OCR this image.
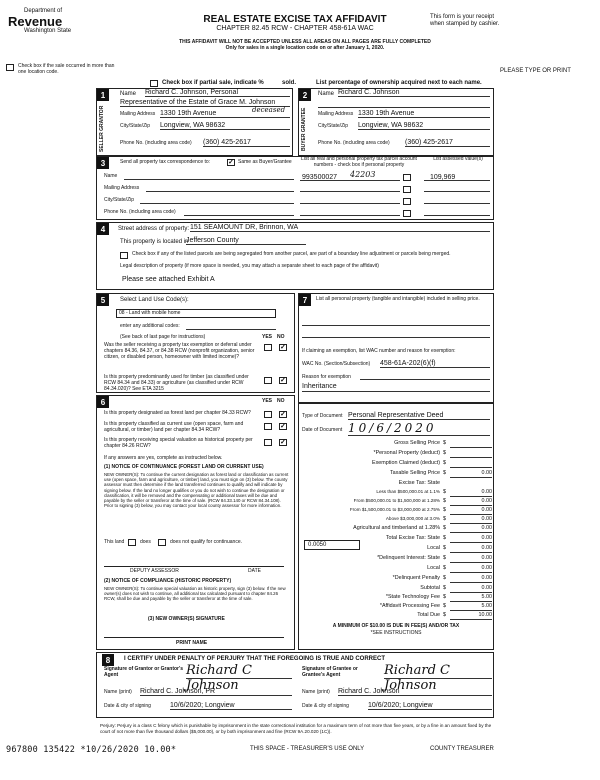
Department of
Revenue
Washington State
REAL ESTATE EXCISE TAX AFFIDAVIT
CHAPTER 82.45 RCW - CHAPTER 458-61A WAC
This form is your receipt
when stamped by cashier.
THIS AFFIDAVIT WILL NOT BE ACCEPTED UNLESS ALL AREAS ON ALL PAGES ARE FULLY COMPLETED
Only for sales in a single location code on or after January 1, 2020.
PLEASE TYPE OR PRINT
Check box if the sale occurred in more than one location code.
Check box if partial sale, indicate %	sold.	List percentage of ownership acquired next to each name.
1	2
SELLER GRANTOR	BUYER GRANTEE
Name Richard C. Johnson, Personal
Representative of the Estate of Grace M. Johnson
Mailing Address 1330 19th Avenue	deceased
City/State/Zip Longview, WA 98632
Phone No. (including area code) (360) 425-2617
Name Richard C. Johnson
Mailing Address 1330 19th Avenue
City/State/Zip Longview, WA 98632
Phone No. (including area code) (360) 425-2617
3	Send all property tax correspondence to:	✓ Same as Buyer/Grantee
Name
Mailing Address
City/State/Zip
Phone No. (including area code)
List all real and personal property tax parcel account numbers - check box if personal property
List assessed value(s)
993500027 42203	109,969
4	Street address of property: 151 SEAMOUNT DR, Brinnon, WA
This property is located in
Jefferson County
Check box if any of the listed parcels are being segregated from another parcel, are part of a boundary line adjustment or parcels being merged.
Legal description of property (if more space is needed, you may attach a separate sheet to each page of the affidavit)
Please see attached Exhibit A
5	Select Land Use Code(s):
08 - Land with mobile home
enter any additional codes:
(See back of last page for instructions)	YES NO
Was the seller receiving a property tax exemption or deferral under chapters 84.36, 84.37, or 84.38 RCW (nonprofit organization, senior citizen, or disabled person, homeowner with limited income)?
✓
Is this property predominantly used for timber (as classified under RCW 84.34 and 84.33) or agriculture (as classified under RCW 84.34.020)? See ETA 3215
✓
6	YES NO
Is this property designated as forest land per chapter 84.33 RCW?	✓
Is this property classified as current use (open space, farm and agricultural, or timber) land per chapter 84.34 RCW?	✓
Is this property receiving special valuation as historical property per chapter 84.26 RCW?	✓
If any answers are yes, complete as instructed below.
(1) NOTICE OF CONTINUANCE (FOREST LAND OR CURRENT USE)
NEW OWNER(S): To continue the current designation as forest land or classification as current use (open space, farm and agriculture, or timber) land, you must sign on (3) below. The county assessor must then determine if the land transferred continues to qualify and will indicate by signing below. If the land no longer qualifies or you do not wish to continue the designation or classification, it will be removed and the compensating or additional taxes will be due and payable by the seller or transferor at the time of sale. (RCW 84.33.140 or RCW 84.34.108). Prior to signing (3) below, you may contact your local county assessor for more information.
This land	does	does not qualify for continuance.
DEPUTY ASSESSOR	DATE
(2) NOTICE OF COMPLIANCE (HISTORIC PROPERTY)
NEW OWNER(S): To continue special valuation as historic property, sign (3) below. If the new owner(s) does not wish to continue, all additional tax calculated pursuant to chapter 84.26 RCW, shall be due and payable by the seller or transferor at the time of sale.
(3) NEW OWNER(S) SIGNATURE
PRINT NAME
7	List all personal property (tangible and intangible) included in selling price.
If claiming an exemption, list WAC number and reason for exemption:
WAC No. (Section/Subsection) 458-61A-202(6)(f)
Reason for exemption
Inheritance
Type of Document Personal Representative Deed
Date of Document 10/6/2020
Gross Selling Price $
*Personal Property (deduct) $
Exemption Claimed (deduct) $
Taxable Selling Price $	0.00
Excise Tax: State
Less than $500,000.01 at 1.1% $	0.00
From $500,000.01 to $1,500,000 at 1.28% $	0.00
From $1,500,000.01 to $3,000,000 at 2.75% $	0.00
Above $3,000,000 at 3.0% $	0.00
Agricultural and timberland at 1.28% $	0.00
Total Excise Tax: State $	0.00
Local $	0.00
*Delinquent Interest: State $	0.00
Local $	0.00
*Delinquent Penalty $	0.00
Subtotal $	0.00
*State Technology Fee $	5.00
*Affidavit Processing Fee $	5.00
Total Due $	10.00
0.0050
A MINIMUM OF $10.00 IS DUE IN FEE(S) AND/OR TAX
*SEE INSTRUCTIONS
8	I CERTIFY UNDER PENALTY OF PERJURY THAT THE FOREGOING IS TRUE AND CORRECT
Signature of Grantor or Grantor's Agent	Richard C Johnson
Signature of Grantee or Grantee's Agent	Richard C Johnson
Name (print) Richard C. Johnson, PR	Name (print) Richard C. Johnson
Date & city of signing	10/6/2020; Longview	Date & city of signing	10/6/2020; Longview
Perjury: Perjury is a class C felony which is punishable by imprisonment in the state correctional institution for a maximum term of not more than five years, or by a fine in an amount fixed by the court of not more than five thousand dollars ($5,000.00), or by both imprisonment and fine (RCW 9A.20.020 (1C)).
967800 135422 *10/26/2020 10.00*	THIS SPACE - TREASURER'S USE ONLY	COUNTY TREASURER
